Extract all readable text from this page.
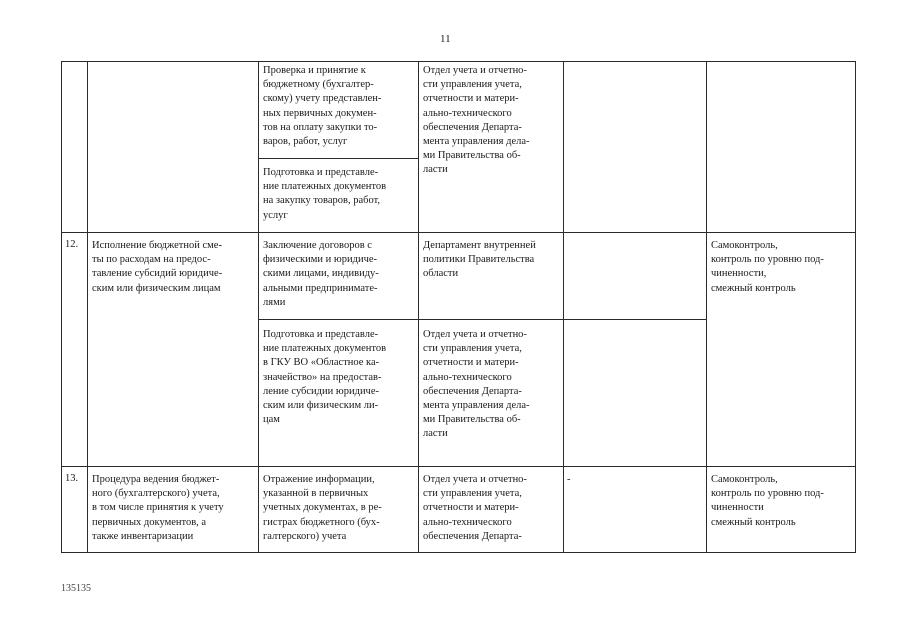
11
Проверка и принятие к
бюджетному (бухгалтер-
скому) учету представлен-
ных первичных докумен-
тов на оплату закупки то-
варов, работ, услуг
Подготовка и представле-
ние платежных документов
на закупку товаров, работ,
услуг
Отдел учета и отчетно-
сти управления учета,
отчетности и матери-
ально-технического
обеспечения Департа-
мента управления дела-
ми Правительства об-
ласти
12. Исполнение бюджетной сме-
ты по расходам на предос-
тавление субсидий юридиче-
ским или физическим лицам
Заключение договоров с
физическими и юридиче-
скими лицами, индивиду-
альными предпринимате-
лями
Департамент внутренней
политики Правительства
области
Подготовка и представле-
ние платежных документов
в ГКУ ВО «Областное ка-
значейство» на предостав-
ление субсидии юридиче-
ским или физическим ли-
цам
Отдел учета и отчетно-
сти управления учета,
отчетности и матери-
ально-технического
обеспечения Департа-
мента управления дела-
ми Правительства об-
ласти
Самоконтроль,
контроль по уровню под-
чиненности,
смежный контроль
13. Процедура ведения бюджет-
ного (бухгалтерского) учета,
в том числе принятия к учету
первичных документов, а
также инвентаризации
Отражение информации,
указанной в первичных
учетных документах, в ре-
гистрах бюджетного (бух-
галтерского) учета
Отдел учета и отчетно-
сти управления учета,
отчетности и матери-
ально-технического
обеспечения Департа-
-	Самоконтроль,
контроль по уровню под-
чиненности
смежный контроль
135135
